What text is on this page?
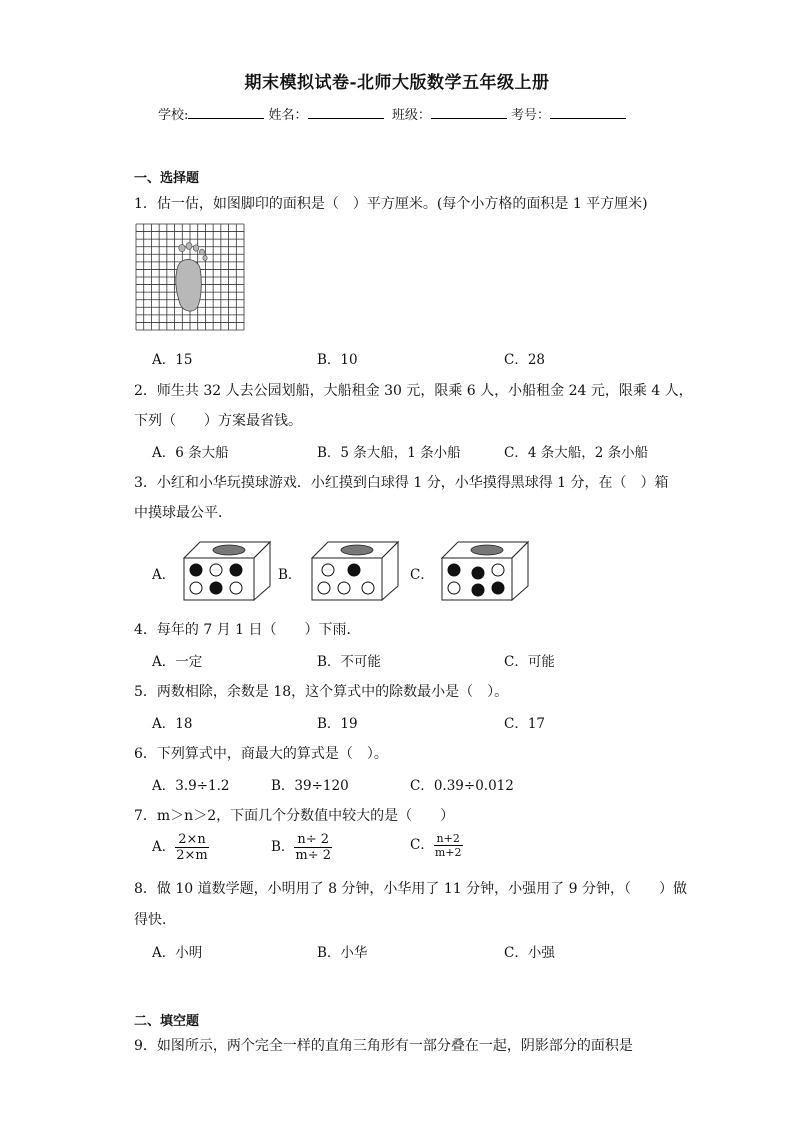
期末模拟试卷-北师大版数学五年级上册
学校:	姓名：	班级：	考号：
一、选择题
1．估一估，如图脚印的面积是（　）平方厘米。(每个小方格的面积是 1 平方厘米)
A．15	B．10	C．28
2．师生共 32 人去公园划船，大船租金 30 元，限乘 6 人，小船租金 24 元，限乘 4 人，
下列（　　）方案最省钱。
A．6 条大船	B．5 条大船，1 条小船	C．4 条大船，2 条小船
3．小红和小华玩摸球游戏．小红摸到白球得 1 分，小华摸得黑球得 1 分，在（　）箱
中摸球最公平．
A．	B．	C．
4．每年的 7 月 1 日（　　）下雨．
A．一定	B．不可能	C．可能
5．两数相除，余数是 18，这个算式中的除数最小是（　）。
A．18	B．19	C．17
6．下列算式中，商最大的算式是（　）。
A．3.9÷1.2	B．39÷120	C．0.39÷0.012
7．m＞n＞2，下面几个分数值中较大的是（　　）
A． $\frac{2\times n}{2\times m}$	B． $\frac{n\div 2}{m\div 2}$	C． $\frac{n+2}{m+2}$
8．做 10 道数学题，小明用了 8 分钟，小华用了 11 分钟，小强用了 9 分钟，（　　）做
得快．
A．小明	B．小华	C．小强
二、填空题
9．如图所示，两个完全一样的直角三角形有一部分叠在一起，阴影部分的面积是
